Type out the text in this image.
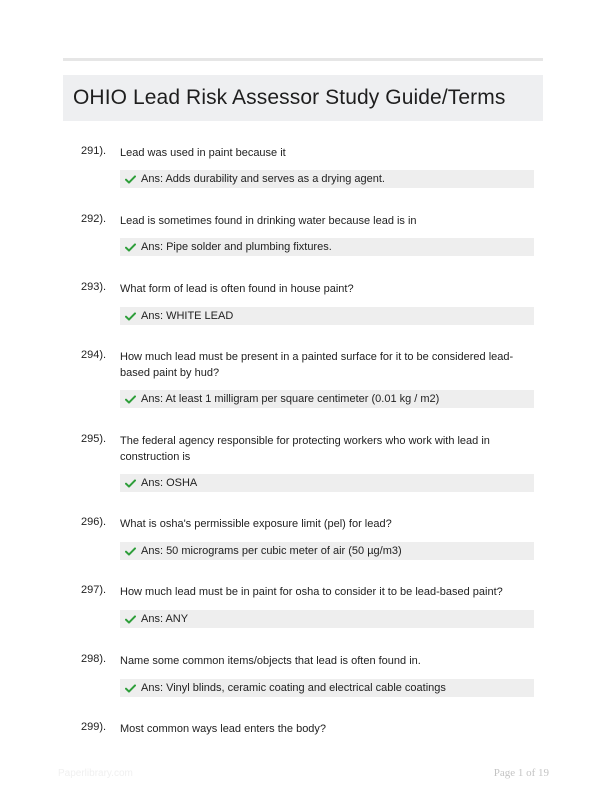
OHIO Lead Risk Assessor Study Guide/Terms
291). Lead was used in paint because it
Ans: Adds durability and serves as a drying agent.
292). Lead is sometimes found in drinking water because lead is in
Ans: Pipe solder and plumbing fixtures.
293). What form of lead is often found in house paint?
Ans: WHITE LEAD
294). How much lead must be present in a painted surface for it to be considered lead-based paint by hud?
Ans: At least 1 milligram per square centimeter (0.01 kg / m2)
295). The federal agency responsible for protecting workers who work with lead in construction is
Ans: OSHA
296). What is osha's permissible exposure limit (pel) for lead?
Ans: 50 micrograms per cubic meter of air (50 µg/m3)
297). How much lead must be in paint for osha to consider it to be lead-based paint?
Ans: ANY
298). Name some common items/objects that lead is often found in.
Ans: Vinyl blinds, ceramic coating and electrical cable coatings
299). Most common ways lead enters the body?
Paperlibrary.com	Page 1 of 19
